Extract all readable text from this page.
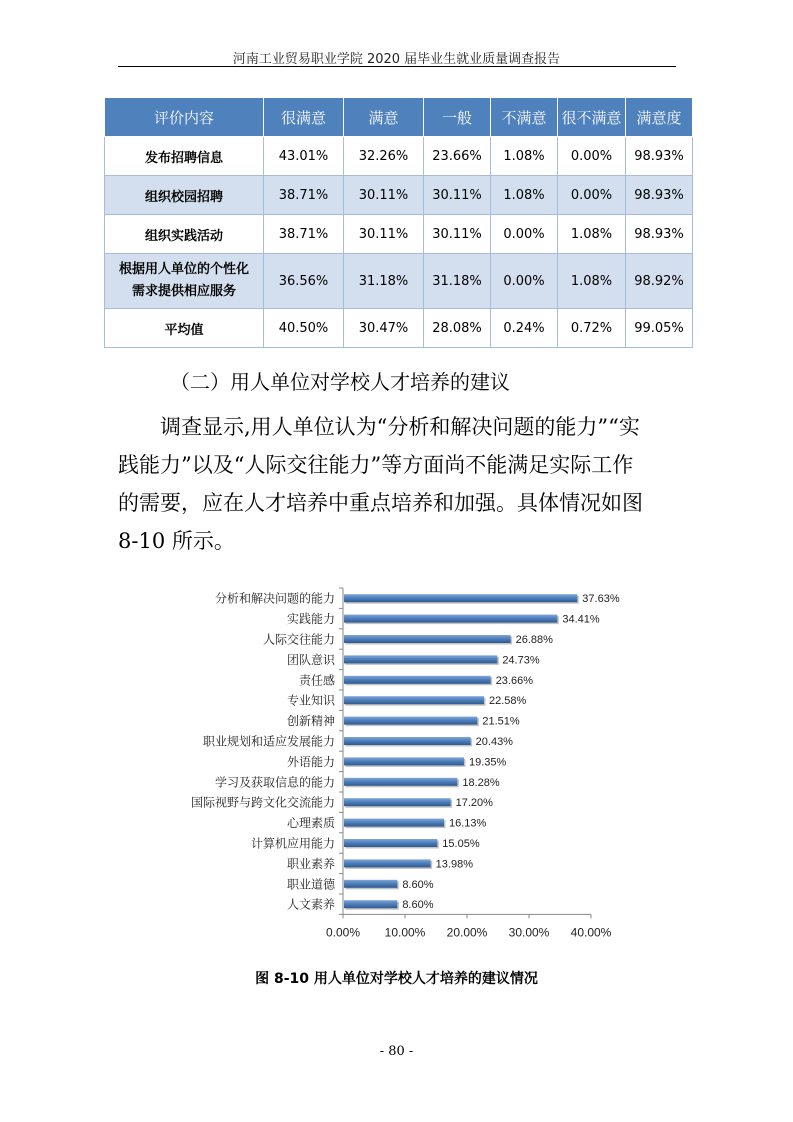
河南工业贸易职业学院 2020 届毕业生就业质量调查报告
评价内容	很满意	满意	一般	不满意	很不满意	满意度
发布招聘信息	43.01%	32.26%	23.66%	1.08%	0.00%	98.93%
组织校园招聘	38.71%	30.11%	30.11%	1.08%	0.00%	98.93%
组织实践活动	38.71%	30.11%	30.11%	0.00%	1.08%	98.93%
根据用人单位的个性化
需求提供相应服务	36.56%	31.18%	31.18%	0.00%	1.08%	98.92%
平均值	40.50%	30.47%	28.08%	0.24%	0.72%	99.05%
（二）用人单位对学校人才培养的建议
调查显示,用人单位认为“分析和解决问题的能力”“实
践能力”以及“人际交往能力”等方面尚不能满足实际工作
的需要，应在人才培养中重点培养和加强。具体情况如图
8-10 所示。
分析和解决问题的能力	37.63%
实践能力	34.41%
人际交往能力	26.88%
团队意识	24.73%
责任感	23.66%
专业知识	22.58%
创新精神	21.51%
职业规划和适应发展能力	20.43%
外语能力	19.35%
学习及获取信息的能力	18.28%
国际视野与跨文化交流能力	17.20%
心理素质	16.13%
计算机应用能力	15.05%
职业素养	13.98%
职业道德	8.60%
人文素养	8.60%
0.00% 10.00% 20.00% 30.00% 40.00%
图 8-10 用人单位对学校人才培养的建议情况
- 80 -
